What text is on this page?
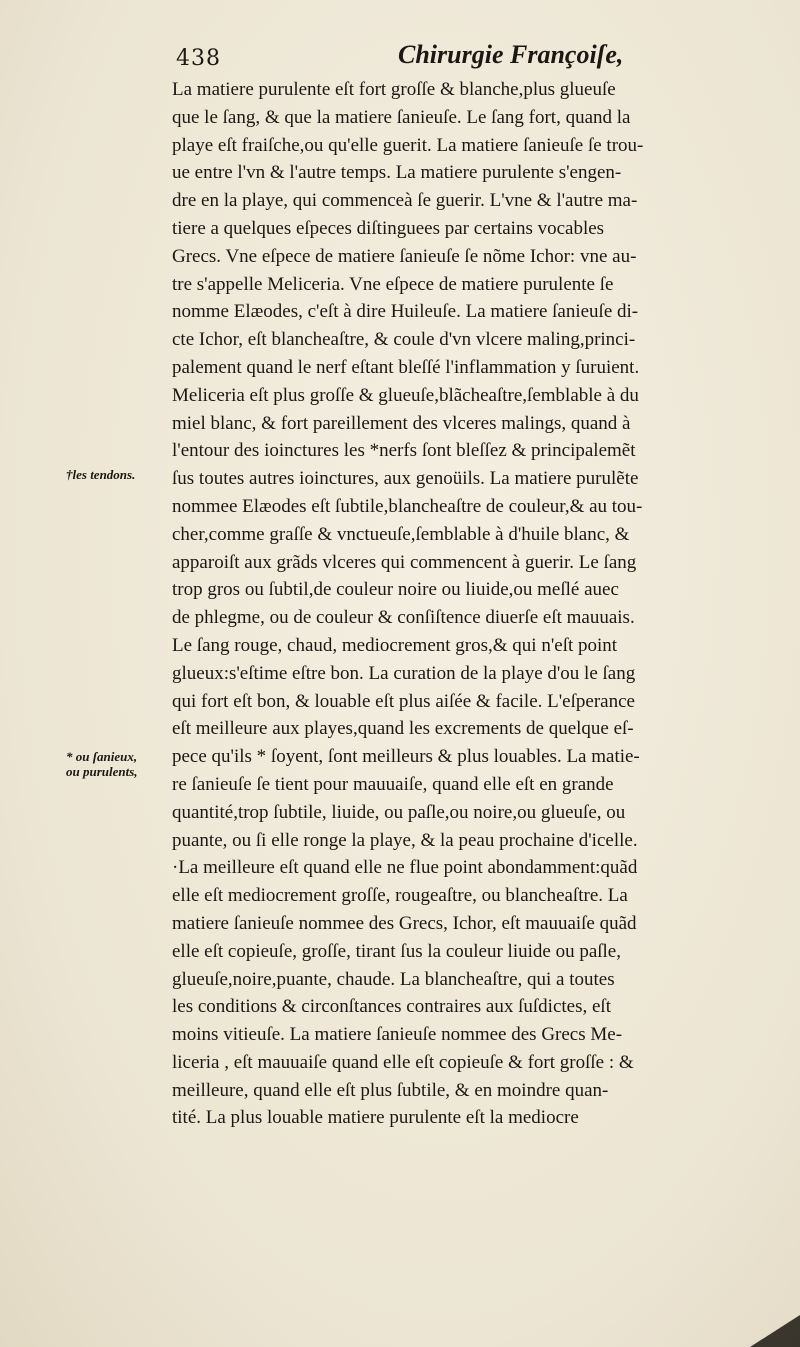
438	Chirurgie Françoiſe,
†les tendons.
* ou ſanieux,
ou purulents,
La matiere purulente eſt fort groſſe & blanche,plus glueuſe
que le ſang, & que la matiere ſanieuſe. Le ſang fort, quand la
playe eſt fraiſche,ou qu'elle guerit. La matiere ſanieuſe ſe trou-
ue entre l'vn & l'autre temps. La matiere purulente s'engen-
dre en la playe, qui commenceà ſe guerir. L'vne & l'autre ma-
tiere a quelques eſpeces diſtinguees par certains vocables
Grecs. Vne eſpece de matiere ſanieuſe ſe nõme Ichor: vne au-
tre s'appelle Meliceria. Vne eſpece de matiere purulente ſe
nomme Elæodes, c'eſt à dire Huileuſe. La matiere ſanieuſe di-
cte Ichor, eſt blancheaſtre, & coule d'vn vlcere maling,princi-
palement quand le nerf eſtant bleſſé l'inflammation y ſuruient.
Meliceria eſt plus groſſe & glueuſe,blãcheaſtre,ſemblable à du
miel blanc, & fort pareillement des vlceres malings, quand à
l'entour des ioinctures les *nerfs ſont bleſſez & principalemẽt
ſus toutes autres ioinctures, aux genoüils. La matiere purulẽte
nommee Elæodes eſt ſubtile,blancheaſtre de couleur,& au tou-
cher,comme graſſe & vnctueuſe,ſemblable à d'huile blanc, &
apparoiſt aux grãds vlceres qui commencent à guerir. Le ſang
trop gros ou ſubtil,de couleur noire ou liuide,ou meſlé auec
de phlegme, ou de couleur & conſiſtence diuerſe eſt mauuais.
Le ſang rouge, chaud, mediocrement gros,& qui n'eſt point
glueux:s'eſtime eſtre bon. La curation de la playe d'ou le ſang
qui fort eſt bon, & louable eſt plus aiſée & facile. L'eſperance
eſt meilleure aux playes,quand les excrements de quelque eſ-
pece qu'ils * ſoyent, ſont meilleurs & plus louables. La matie-
re ſanieuſe ſe tient pour mauuaiſe, quand elle eſt en grande
quantité,trop ſubtile, liuide, ou paſle,ou noire,ou glueuſe, ou
puante, ou ſi elle ronge la playe, & la peau prochaine d'icelle.
·La meilleure eſt quand elle ne flue point abondamment:quãd
elle eſt mediocrement groſſe, rougeaſtre, ou blancheaſtre. La
matiere ſanieuſe nommee des Grecs, Ichor, eſt mauuaiſe quãd
elle eſt copieuſe, groſſe, tirant ſus la couleur liuide ou paſle,
glueuſe,noire,puante, chaude. La blancheaſtre, qui a toutes
les conditions & circonſtances contraires aux ſuſdictes, eſt
moins vitieuſe. La matiere ſanieuſe nommee des Grecs Me-
liceria , eſt mauuaiſe quand elle eſt copieuſe & fort groſſe : &
meilleure, quand elle eſt plus ſubtile, & en moindre quan-
tité. La plus louable matiere purulente eſt la mediocre
